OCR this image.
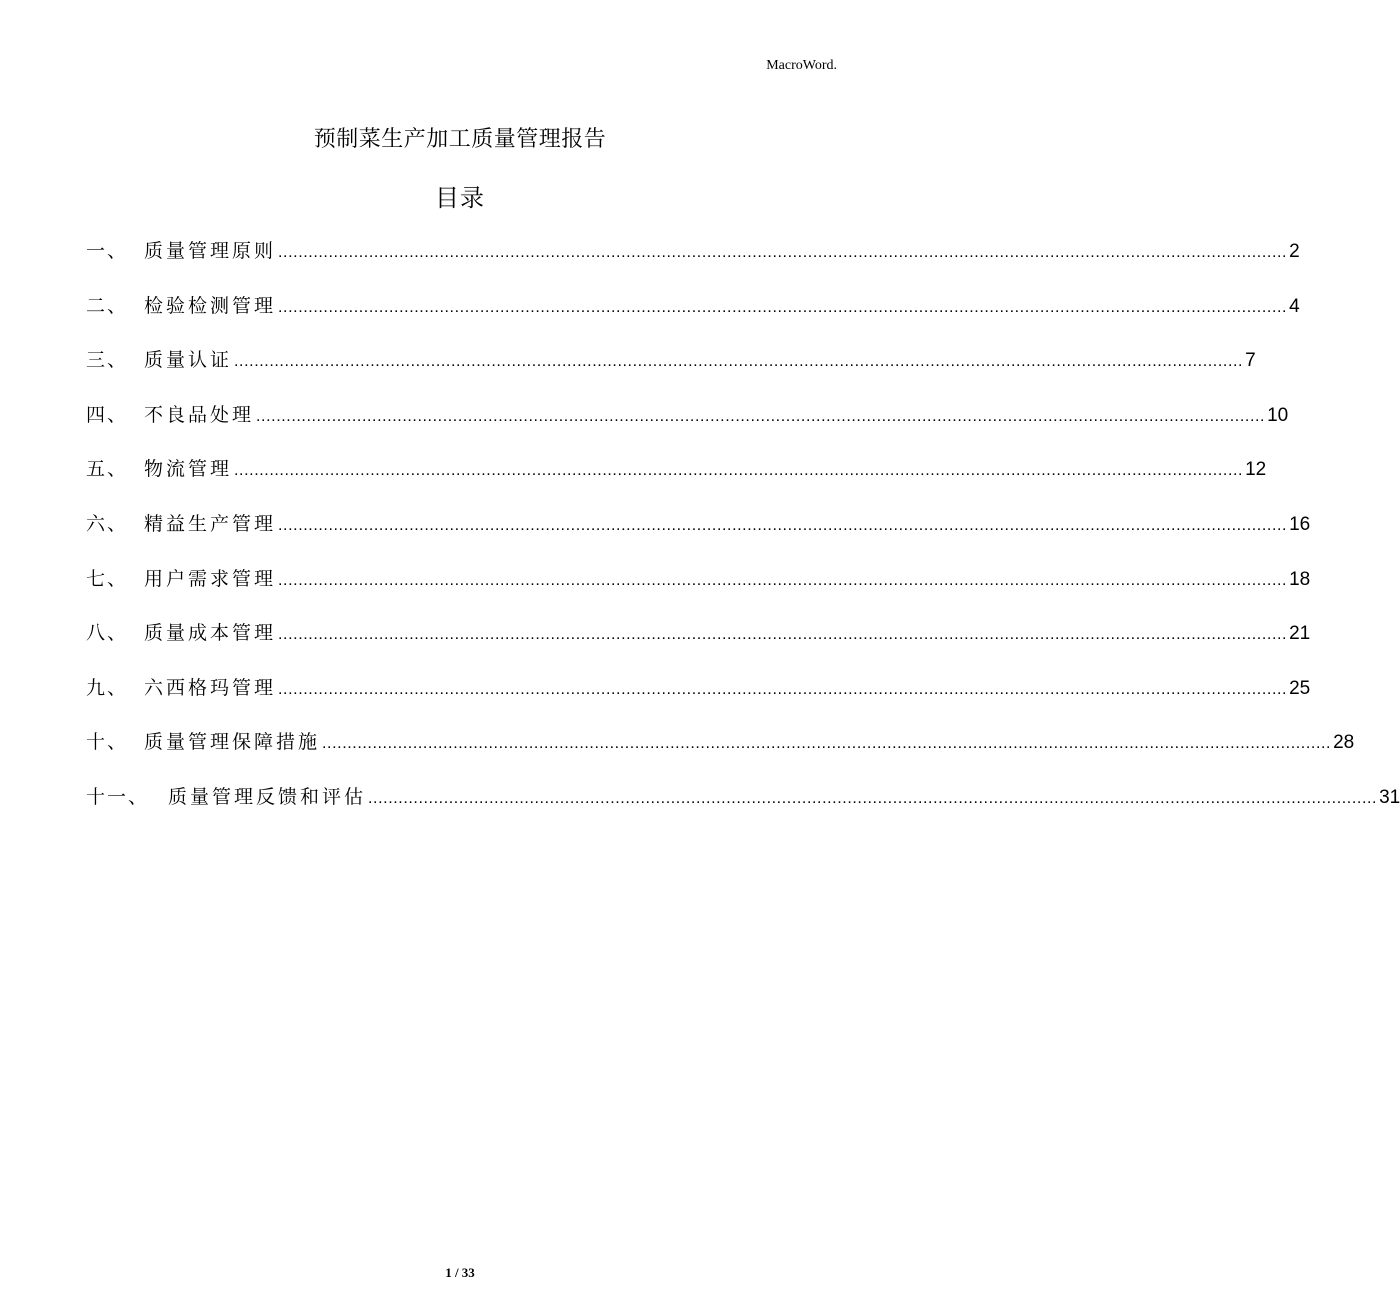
MacroWord.
预制菜生产加工质量管理报告
目录
一、 质量管理原则 ........................................................................................................................................................................................................ 2
二、 检验检测管理 ........................................................................................................................................................................................................ 4
三、 质量认证 ........................................................................................................................................................................................................ 7
四、 不良品处理 ........................................................................................................................................................................................................ 10
五、 物流管理 ........................................................................................................................................................................................................ 12
六、 精益生产管理 ........................................................................................................................................................................................................ 16
七、 用户需求管理 ........................................................................................................................................................................................................ 18
八、 质量成本管理 ........................................................................................................................................................................................................ 21
九、 六西格玛管理 ........................................................................................................................................................................................................ 25
十、 质量管理保障措施 ........................................................................................................................................................................................................ 28
十一、 质量管理反馈和评估 ........................................................................................................................................................................................................ 31
1 / 33
